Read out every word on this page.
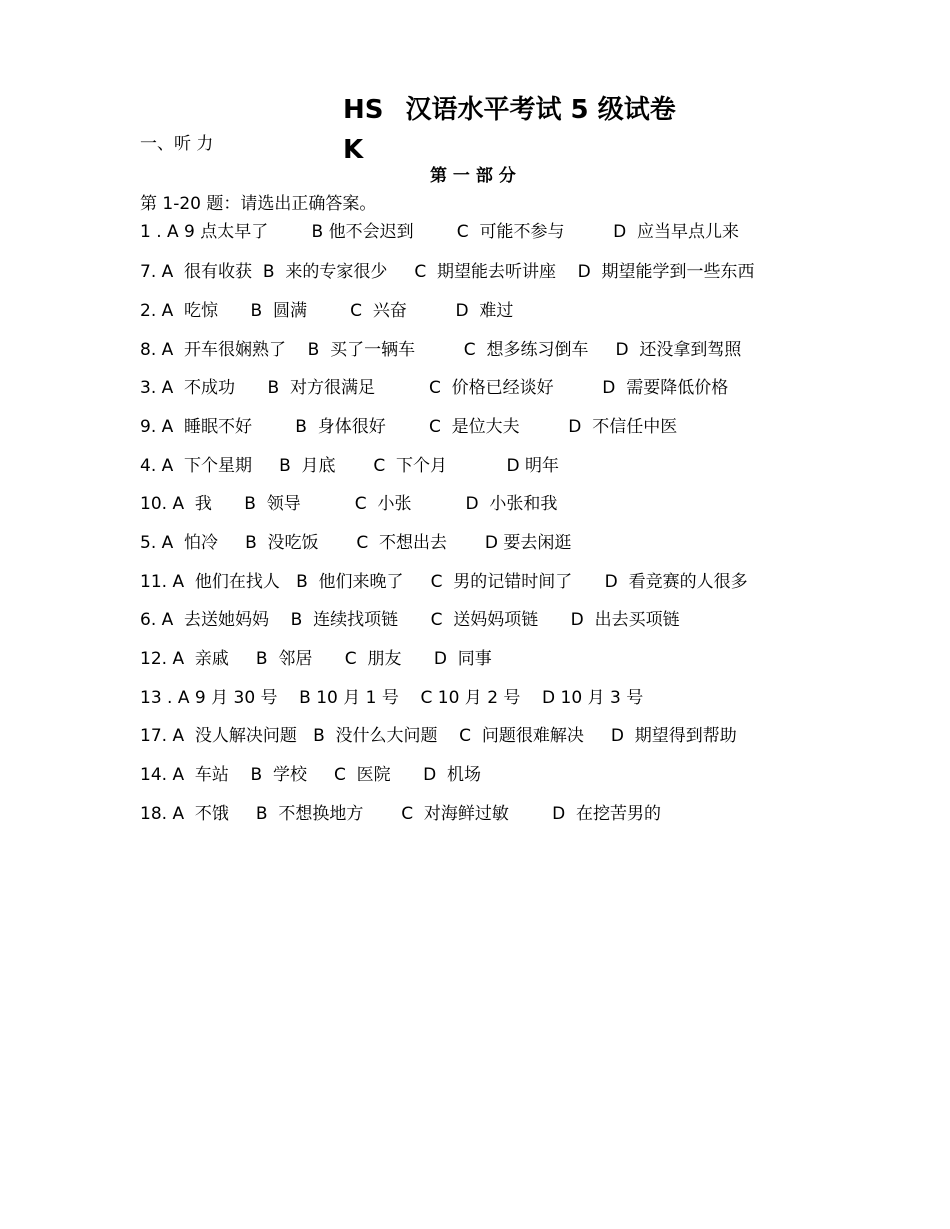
HS 汉语水平考试 5 级试卷
K
一、听 力
第 一 部 分
第 1-20 题：请选出正确答案。
1 . A 9 点太早了        B 他不会迟到        C  可能不参与         D  应当早点儿来
7. A  很有收获  B  来的专家很少     C  期望能去听讲座    D  期望能学到一些东西
2. A  吃惊      B  圆满        C  兴奋         D  难过
8. A  开车很娴熟了    B  买了一辆车         C  想多练习倒车     D  还没拿到驾照
3. A  不成功      B  对方很满足          C  价格已经谈好         D  需要降低价格
9. A  睡眠不好        B  身体很好        C  是位大夫         D  不信任中医
4. A  下个星期     B  月底       C  下个月           D 明年
10. A  我      B  领导          C  小张          D  小张和我
5. A  怕冷     B  没吃饭       C  不想出去       D 要去闲逛
11. A  他们在找人   B  他们来晚了     C  男的记错时间了      D  看竞赛的人很多
6. A  去送她妈妈    B  连续找项链      C  送妈妈项链      D  出去买项链
12. A  亲戚     B  邻居      C  朋友      D  同事
13 . A 9 月 30 号    B 10 月 1 号    C 10 月 2 号    D 10 月 3 号
17. A  没人解决问题   B  没什么大问题    C  问题很难解决     D  期望得到帮助
14. A  车站    B  学校     C  医院      D  机场
18. A  不饿     B  不想换地方       C  对海鲜过敏        D  在挖苦男的
